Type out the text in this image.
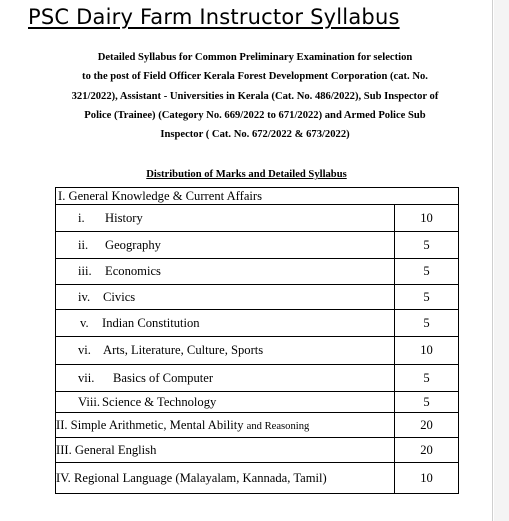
PSC Dairy Farm Instructor Syllabus

Detailed Syllabus for Common Preliminary Examination for selection
to the post of Field Officer Kerala Forest Development Corporation (cat. No.
321/2022), Assistant - Universities in Kerala (Cat. No. 486/2022), Sub Inspector of
Police (Trainee) (Category No. 669/2022 to 671/2022) and Armed Police Sub
Inspector ( Cat. No. 672/2022 & 673/2022)

Distribution of Marks and Detailed Syllabus

I. General Knowledge & Current Affairs	
i. History	10
ii. Geography	5
iii. Economics	5
iv. Civics	5
v. Indian Constitution	5
vi. Arts, Literature, Culture, Sports	10
vii. Basics of Computer	5
Viii. Science & Technology	5
II. Simple Arithmetic, Mental Ability and Reasoning	20
III. General English	20
IV. Regional Language (Malayalam, Kannada, Tamil)	10
